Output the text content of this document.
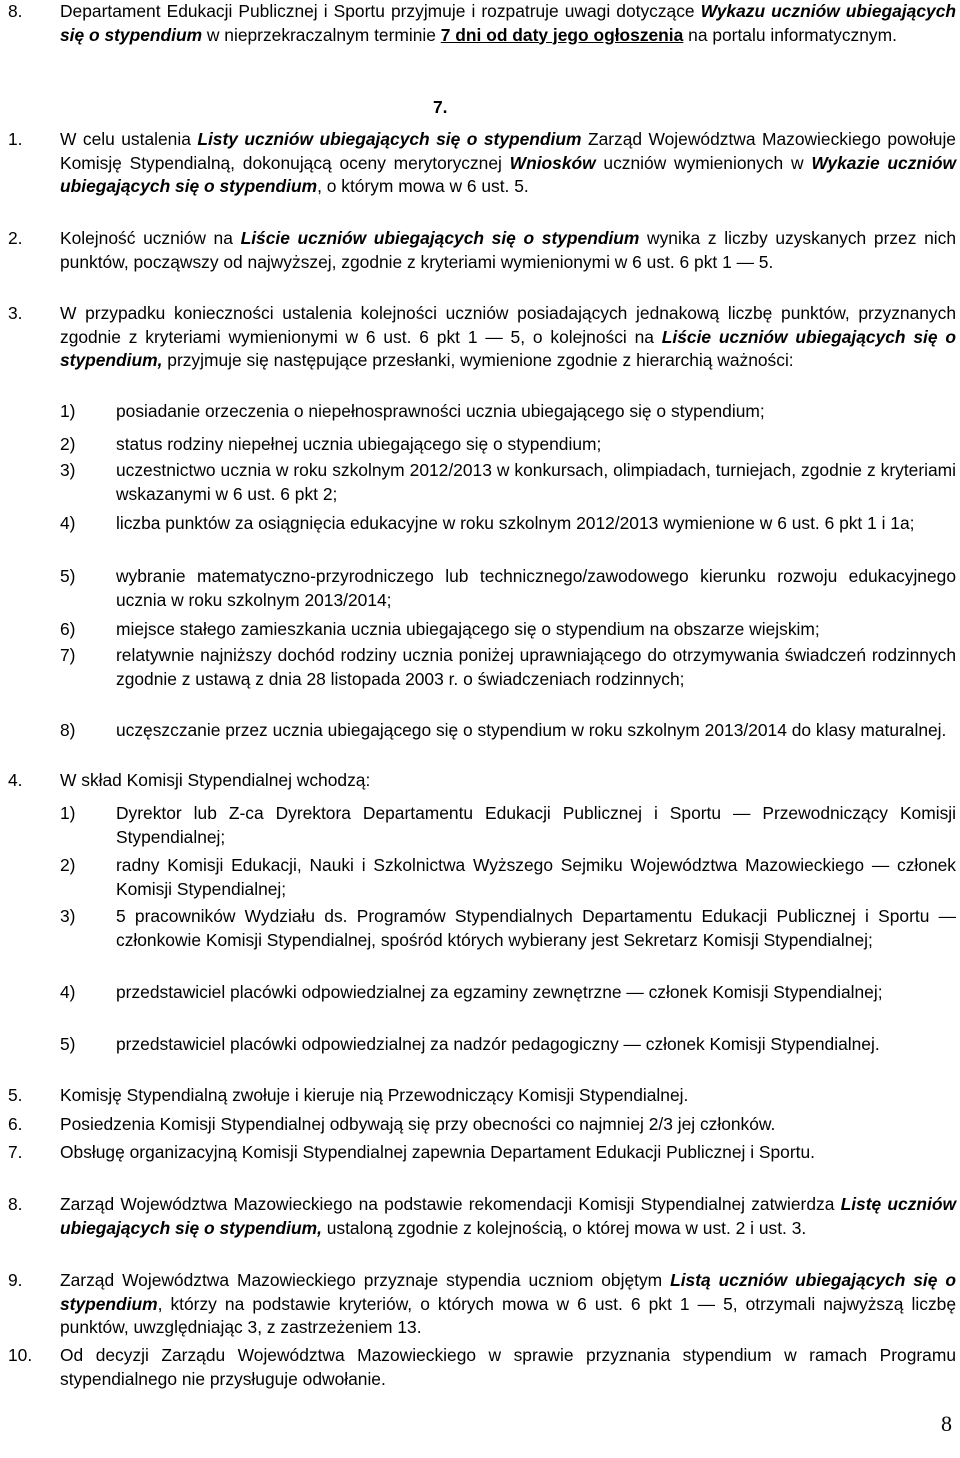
8. Departament Edukacji Publicznej i Sportu przyjmuje i rozpatruje uwagi dotyczące Wykazu uczniów ubiegających się o stypendium w nieprzekraczalnym terminie 7 dni od daty jego ogłoszenia na portalu informatycznym.
7.
1. W celu ustalenia Listy uczniów ubiegających się o stypendium Zarząd Województwa Mazowieckiego powołuje Komisję Stypendialną, dokonującą oceny merytorycznej Wniosków uczniów wymienionych w Wykazie uczniów ubiegających się o stypendium, o którym mowa w 6 ust. 5.
2. Kolejność uczniów na Liście uczniów ubiegających się o stypendium wynika z liczby uzyskanych przez nich punktów, począwszy od najwyższej, zgodnie z kryteriami wymienionymi w 6 ust. 6 pkt 1 — 5.
3. W przypadku konieczności ustalenia kolejności uczniów posiadających jednakową liczbę punktów, przyznanych zgodnie z kryteriami wymienionymi w 6 ust. 6 pkt 1 — 5, o kolejności na Liście uczniów ubiegających się o stypendium, przyjmuje się następujące przesłanki, wymienione zgodnie z hierarchią ważności:
1) posiadanie orzeczenia o niepełnosprawności ucznia ubiegającego się o stypendium;
2) status rodziny niepełnej ucznia ubiegającego się o stypendium;
3) uczestnictwo ucznia w roku szkolnym 2012/2013 w konkursach, olimpiadach, turniejach, zgodnie z kryteriami wskazanymi w 6 ust. 6 pkt 2;
4) liczba punktów za osiągnięcia edukacyjne w roku szkolnym 2012/2013 wymienione w 6 ust. 6 pkt 1 i 1a;
5) wybranie matematyczno-przyrodniczego lub technicznego/zawodowego kierunku rozwoju edukacyjnego ucznia w roku szkolnym 2013/2014;
6) miejsce stałego zamieszkania ucznia ubiegającego się o stypendium na obszarze wiejskim;
7) relatywnie najniższy dochód rodziny ucznia poniżej uprawniającego do otrzymywania świadczeń rodzinnych zgodnie z ustawą z dnia 28 listopada 2003 r. o świadczeniach rodzinnych;
8) uczęszczanie przez ucznia ubiegającego się o stypendium w roku szkolnym 2013/2014 do klasy maturalnej.
4. W skład Komisji Stypendialnej wchodzą:
1) Dyrektor lub Z-ca Dyrektora Departamentu Edukacji Publicznej i Sportu — Przewodniczący Komisji Stypendialnej;
2) radny Komisji Edukacji, Nauki i Szkolnictwa Wyższego Sejmiku Województwa Mazowieckiego — członek Komisji Stypendialnej;
3) 5 pracowników Wydziału ds. Programów Stypendialnych Departamentu Edukacji Publicznej i Sportu — członkowie Komisji Stypendialnej, spośród których wybierany jest Sekretarz Komisji Stypendialnej;
4) przedstawiciel placówki odpowiedzialnej za egzaminy zewnętrzne — członek Komisji Stypendialnej;
5) przedstawiciel placówki odpowiedzialnej za nadzór pedagogiczny — członek Komisji Stypendialnej.
5. Komisję Stypendialną zwołuje i kieruje nią Przewodniczący Komisji Stypendialnej.
6. Posiedzenia Komisji Stypendialnej odbywają się przy obecności co najmniej 2/3 jej członków.
7. Obsługę organizacyjną Komisji Stypendialnej zapewnia Departament Edukacji Publicznej i Sportu.
8. Zarząd Województwa Mazowieckiego na podstawie rekomendacji Komisji Stypendialnej zatwierdza Listę uczniów ubiegających się o stypendium, ustaloną zgodnie z kolejnością, o której mowa w ust. 2 i ust. 3.
9. Zarząd Województwa Mazowieckiego przyznaje stypendia uczniom objętym Listą uczniów ubiegających się o stypendium, którzy na podstawie kryteriów, o których mowa w 6 ust. 6 pkt 1 — 5, otrzymali najwyższą liczbę punktów, uwzględniając 3, z zastrzeżeniem 13.
10. Od decyzji Zarządu Województwa Mazowieckiego w sprawie przyznania stypendium w ramach Programu stypendialnego nie przysługuje odwołanie.
8
